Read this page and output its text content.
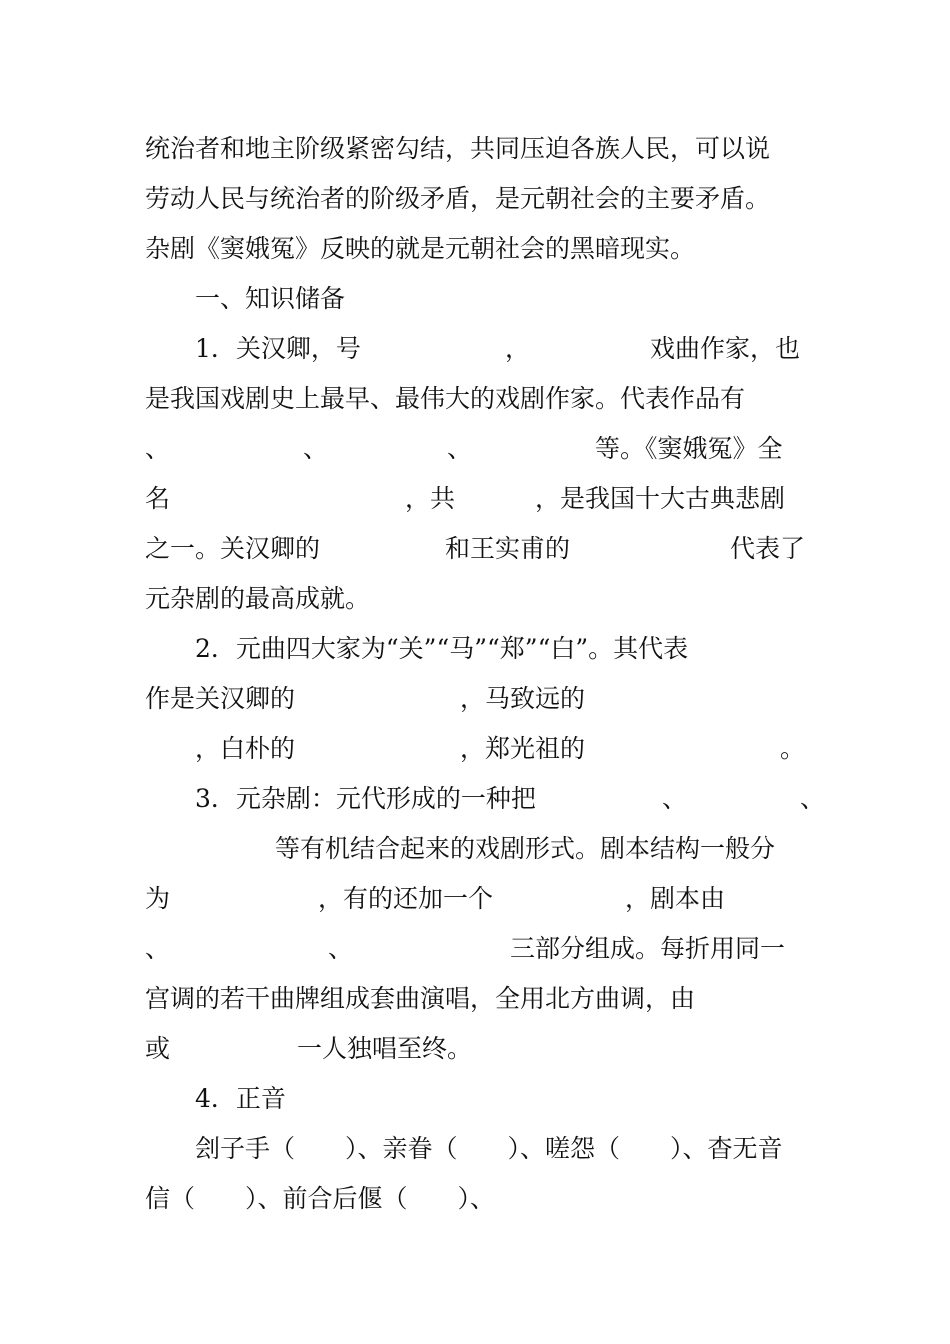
统治者和地主阶级紧密勾结，共同压迫各族人民，可以说

劳动人民与统治者的阶级矛盾，是元朝社会的主要矛盾。

杂剧《窦娥冤》反映的就是元朝社会的黑暗现实。

一、知识储备

1．关汉卿，号

	，

	戏曲作家，也

是我国戏剧史上最早、最伟大的戏剧作家。代表作品有

、

	、

	、

	等。《窦娥冤》全

名

	，共

	，是我国十大古典悲剧

之一。关汉卿的

	和王实甫的

	代表了

元杂剧的最高成就。

2．元曲四大家为“关”“马”“郑”“白”。其代表

作是关汉卿的

	，马致远的

，白朴的

	，郑光祖的

	。

3．元杂剧：元代形成的一种把

	、

	、

等有机结合起来的戏剧形式。剧本结构一般分

为

	，有的还加一个

	，剧本由

、

	、

	三部分组成。每折用同一

宫调的若干曲牌组成套曲演唱，全用北方曲调，由

或

	一人独唱至终。

4．正音

刽子手（　　）、亲眷（　　）、嗟怨（　　）、杳无音

信（　　）、前合后偃（　　）、
